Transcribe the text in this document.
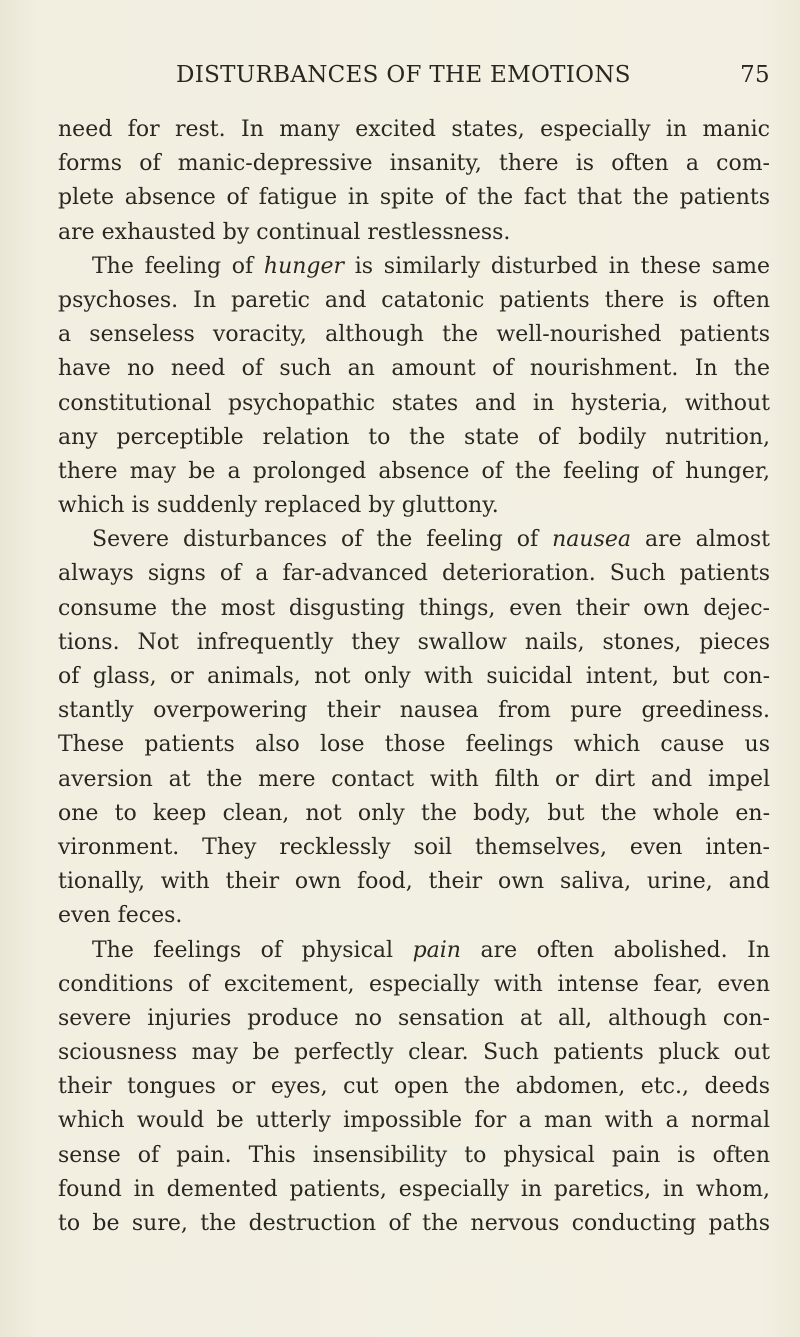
DISTURBANCES OF THE EMOTIONS	75
need for rest. In many excited states, especially in manic
forms of manic-depressive insanity, there is often a com-
plete absence of fatigue in spite of the fact that the patients
are exhausted by continual restlessness.
The feeling of hunger is similarly disturbed in these same
psychoses. In paretic and catatonic patients there is often
a senseless voracity, although the well-nourished patients
have no need of such an amount of nourishment. In the
constitutional psychopathic states and in hysteria, without
any perceptible relation to the state of bodily nutrition,
there may be a prolonged absence of the feeling of hunger,
which is suddenly replaced by gluttony.
Severe disturbances of the feeling of nausea are almost
always signs of a far-advanced deterioration. Such patients
consume the most disgusting things, even their own dejec-
tions. Not infrequently they swallow nails, stones, pieces
of glass, or animals, not only with suicidal intent, but con-
stantly overpowering their nausea from pure greediness.
These patients also lose those feelings which cause us
aversion at the mere contact with filth or dirt and impel
one to keep clean, not only the body, but the whole en-
vironment. They recklessly soil themselves, even inten-
tionally, with their own food, their own saliva, urine, and
even feces.
The feelings of physical pain are often abolished. In
conditions of excitement, especially with intense fear, even
severe injuries produce no sensation at all, although con-
sciousness may be perfectly clear. Such patients pluck out
their tongues or eyes, cut open the abdomen, etc., deeds
which would be utterly impossible for a man with a normal
sense of pain. This insensibility to physical pain is often
found in demented patients, especially in paretics, in whom,
to be sure, the destruction of the nervous conducting paths
